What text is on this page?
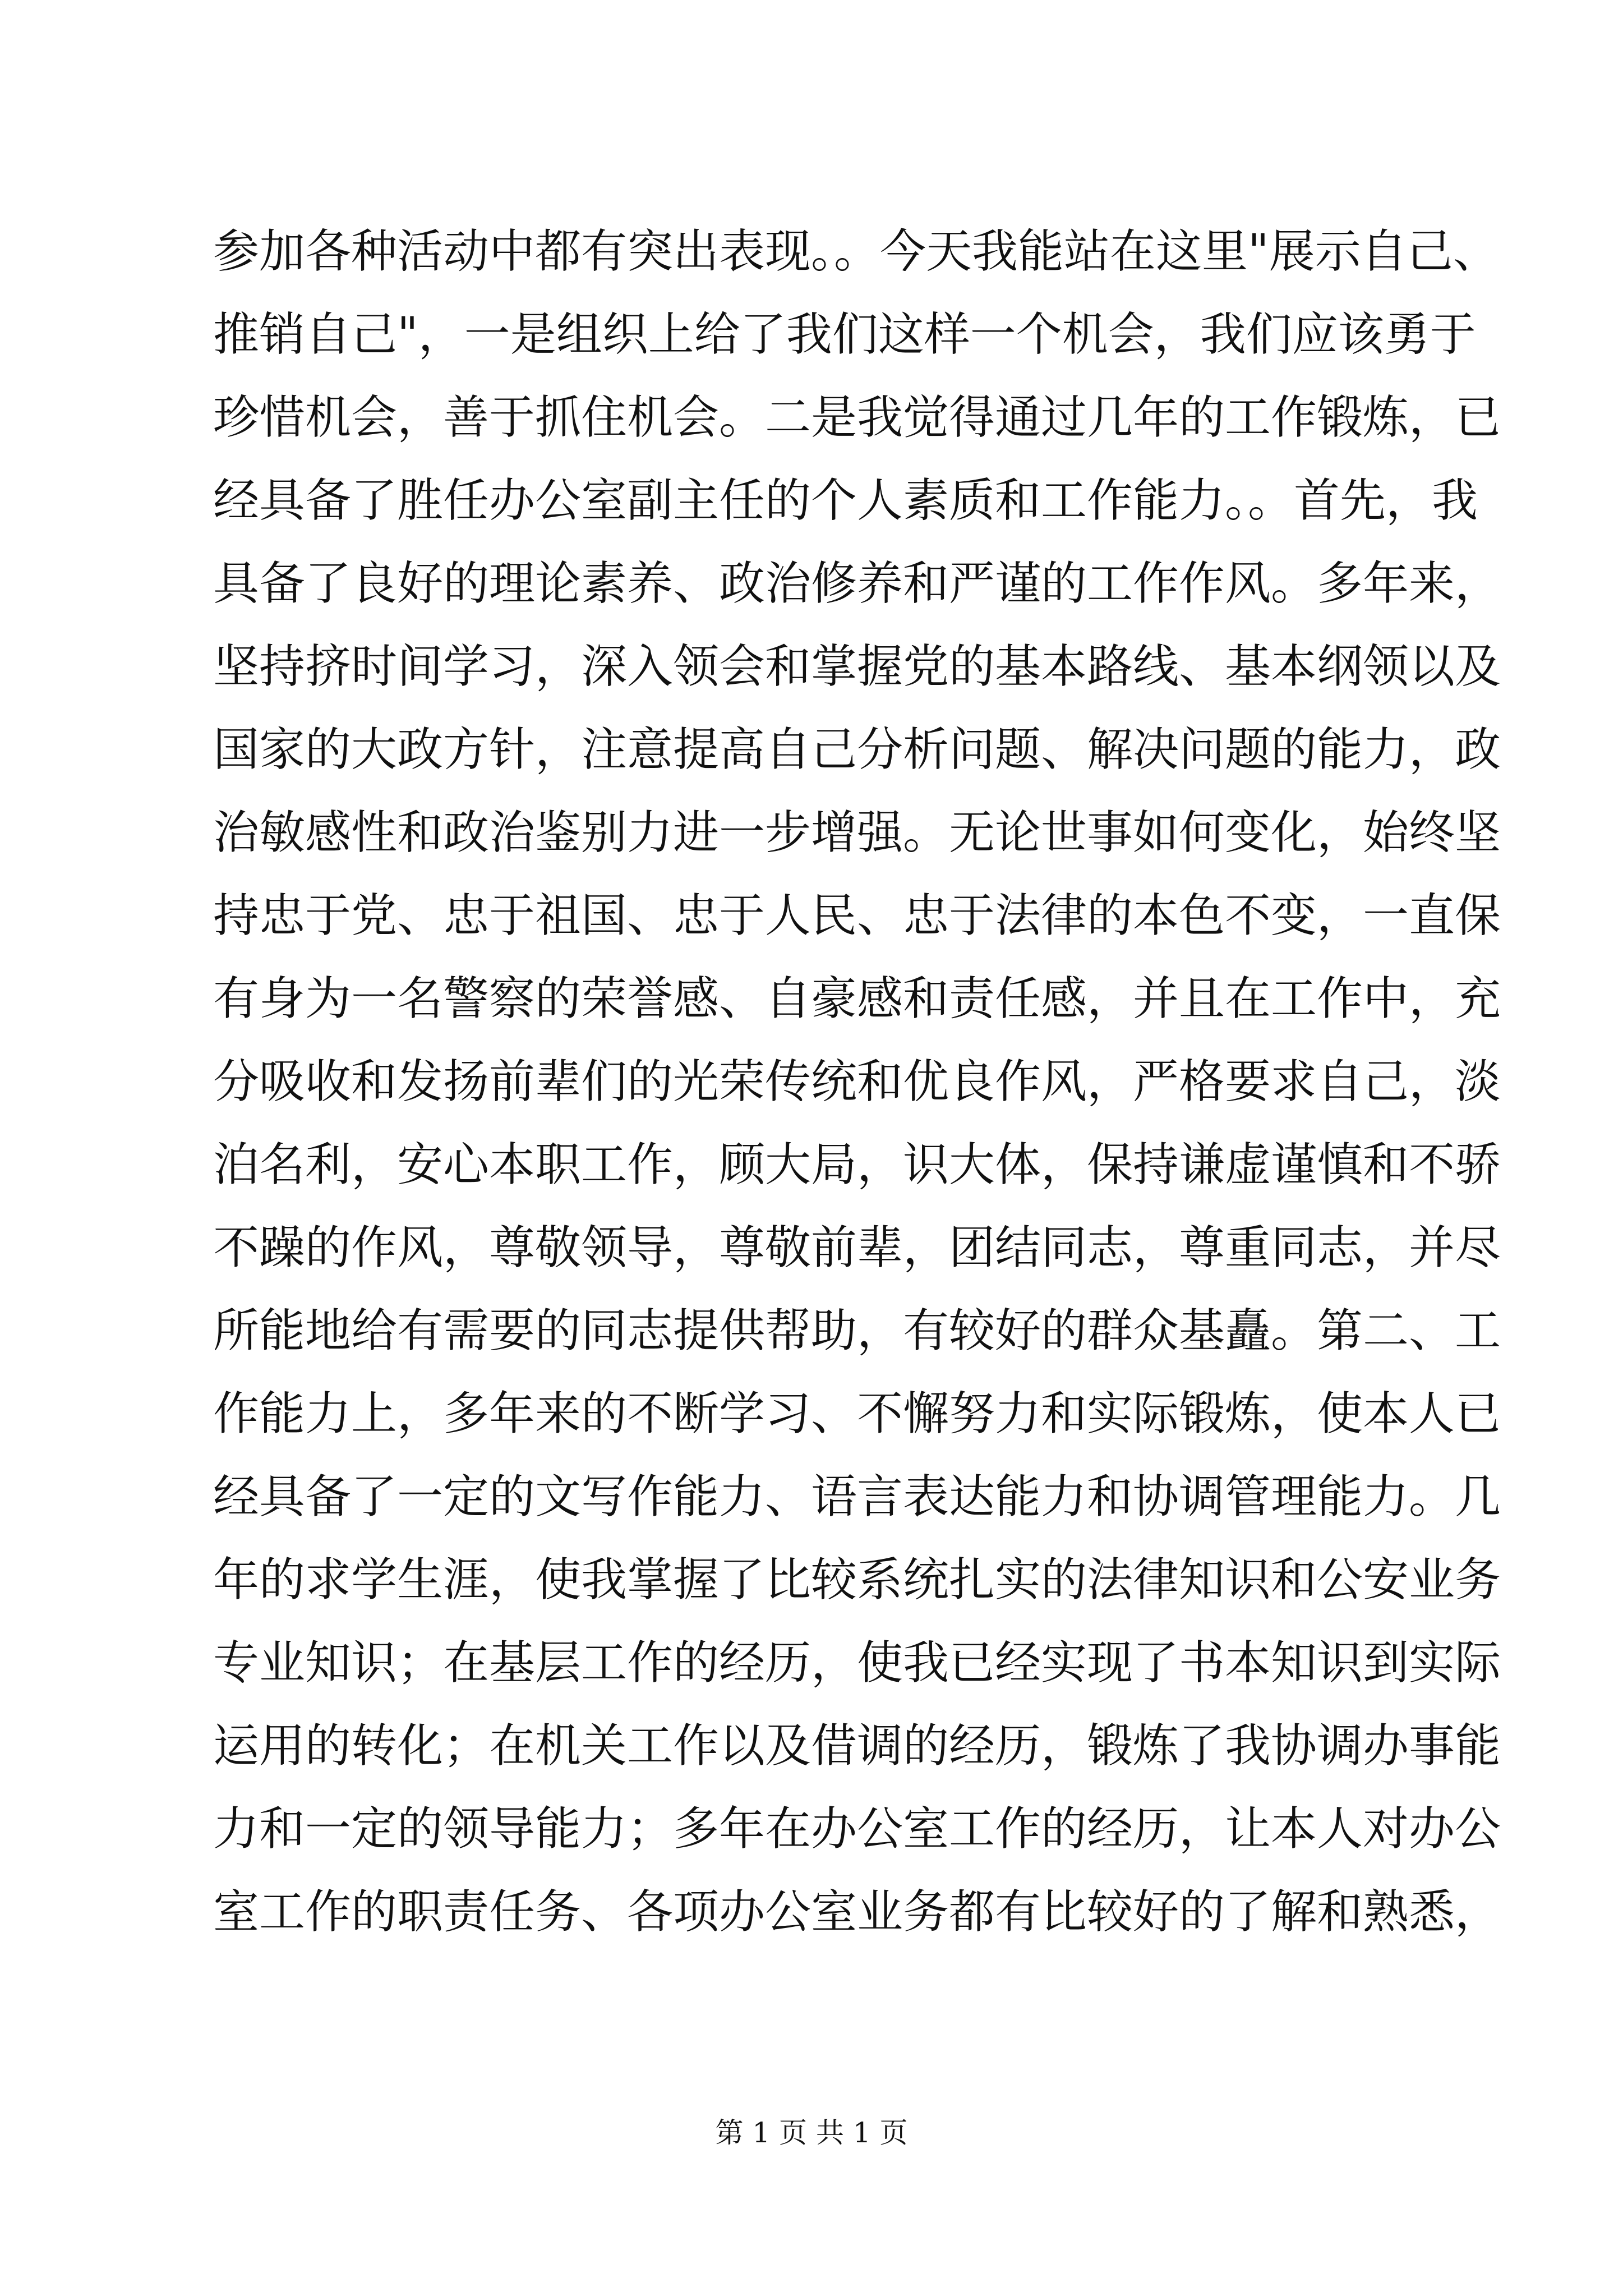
参加各种活动中都有突出表现。。今天我能站在这里"展示自己、
推销自己"，一是组织上给了我们这样一个机会，我们应该勇于
珍惜机会，善于抓住机会。二是我觉得通过几年的工作锻炼，已
经具备了胜任办公室副主任的个人素质和工作能力。。首先，我
具备了良好的理论素养、政治修养和严谨的工作作风。多年来，
坚持挤时间学习，深入领会和掌握党的基本路线、基本纲领以及
国家的大政方针，注意提高自己分析问题、解决问题的能力，政
治敏感性和政治鉴别力进一步增强。无论世事如何变化，始终坚
持忠于党、忠于祖国、忠于人民、忠于法律的本色不变，一直保
有身为一名警察的荣誉感、自豪感和责任感，并且在工作中，充
分吸收和发扬前辈们的光荣传统和优良作风，严格要求自己，淡
泊名利，安心本职工作，顾大局，识大体，保持谦虚谨慎和不骄
不躁的作风，尊敬领导，尊敬前辈，团结同志，尊重同志，并尽
所能地给有需要的同志提供帮助，有较好的群众基矗。第二、工
作能力上，多年来的不断学习、不懈努力和实际锻炼，使本人已
经具备了一定的文写作能力、语言表达能力和协调管理能力。几
年的求学生涯，使我掌握了比较系统扎实的法律知识和公安业务
专业知识；在基层工作的经历，使我已经实现了书本知识到实际
运用的转化；在机关工作以及借调的经历，锻炼了我协调办事能
力和一定的领导能力；多年在办公室工作的经历，让本人对办公
室工作的职责任务、各项办公室业务都有比较好的了解和熟悉，
第 1 页 共 1 页
